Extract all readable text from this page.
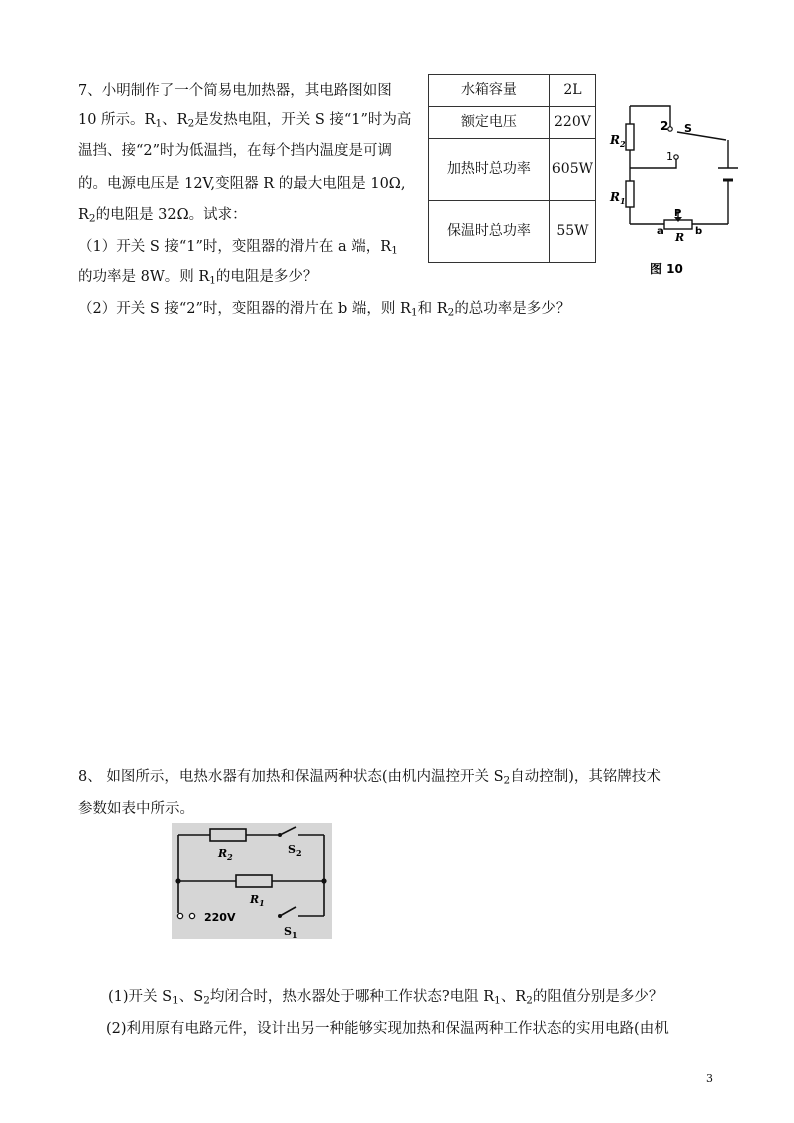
7、小明制作了一个简易电加热器，其电路图如图
10 所示。$R_1$、$R_2$是发热电阻，开关 S 接“1”时为高
温挡、接“2”时为低温挡，在每个挡内温度是可调
的。电源电压是 12V,变阻器 R 的最大电阻是 10Ω,
$R_2$的电阻是 32Ω。试求：
（1）开关 S 接“1”时，变阻器的滑片在 a 端，$R_1$
的功率是 8W。则 $R_1$的电阻是多少？
（2）开关 S 接“2”时，变阻器的滑片在 b 端，则 $R_1$和 $R_2$的总功率是多少？
水箱容量	2L
额定电压	220V
加热时总功率	605W
保温时总功率	55W
$R_2$
$R_1$
2
1
S
P
a	b
R
图 10
8、 如图所示，电热水器有加热和保温两种状态(由机内温控开关 $S_2$自动控制)，其铭牌技术
参数如表中所示。
$R_2$
$S_2$
$R_1$
220V
$S_1$
(1)开关 $S_1$、$S_2$均闭合时，热水器处于哪种工作状态?电阻 $R_1$、$R_2$的阻值分别是多少？
(2)利用原有电路元件，设计出另一种能够实现加热和保温两种工作状态的实用电路(由机
3
